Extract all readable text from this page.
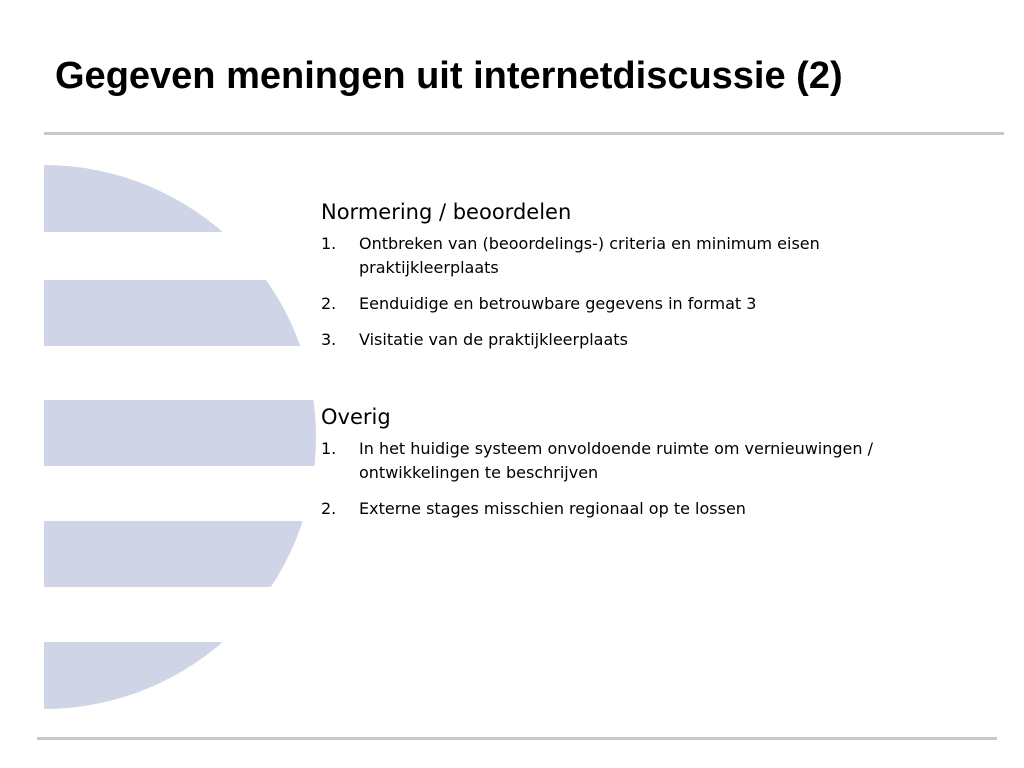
Gegeven meningen uit internetdiscussie (2)

Normering / beoordelen

1. Ontbreken van (beoordelings-) criteria en minimum eisen praktijkleerplaats
2. Eenduidige en betrouwbare gegevens in format 3
3. Visitatie van de praktijkleerplaats

Overig

1. In het huidige systeem onvoldoende ruimte om vernieuwingen / ontwikkelingen te beschrijven
2. Externe stages misschien regionaal op te lossen
